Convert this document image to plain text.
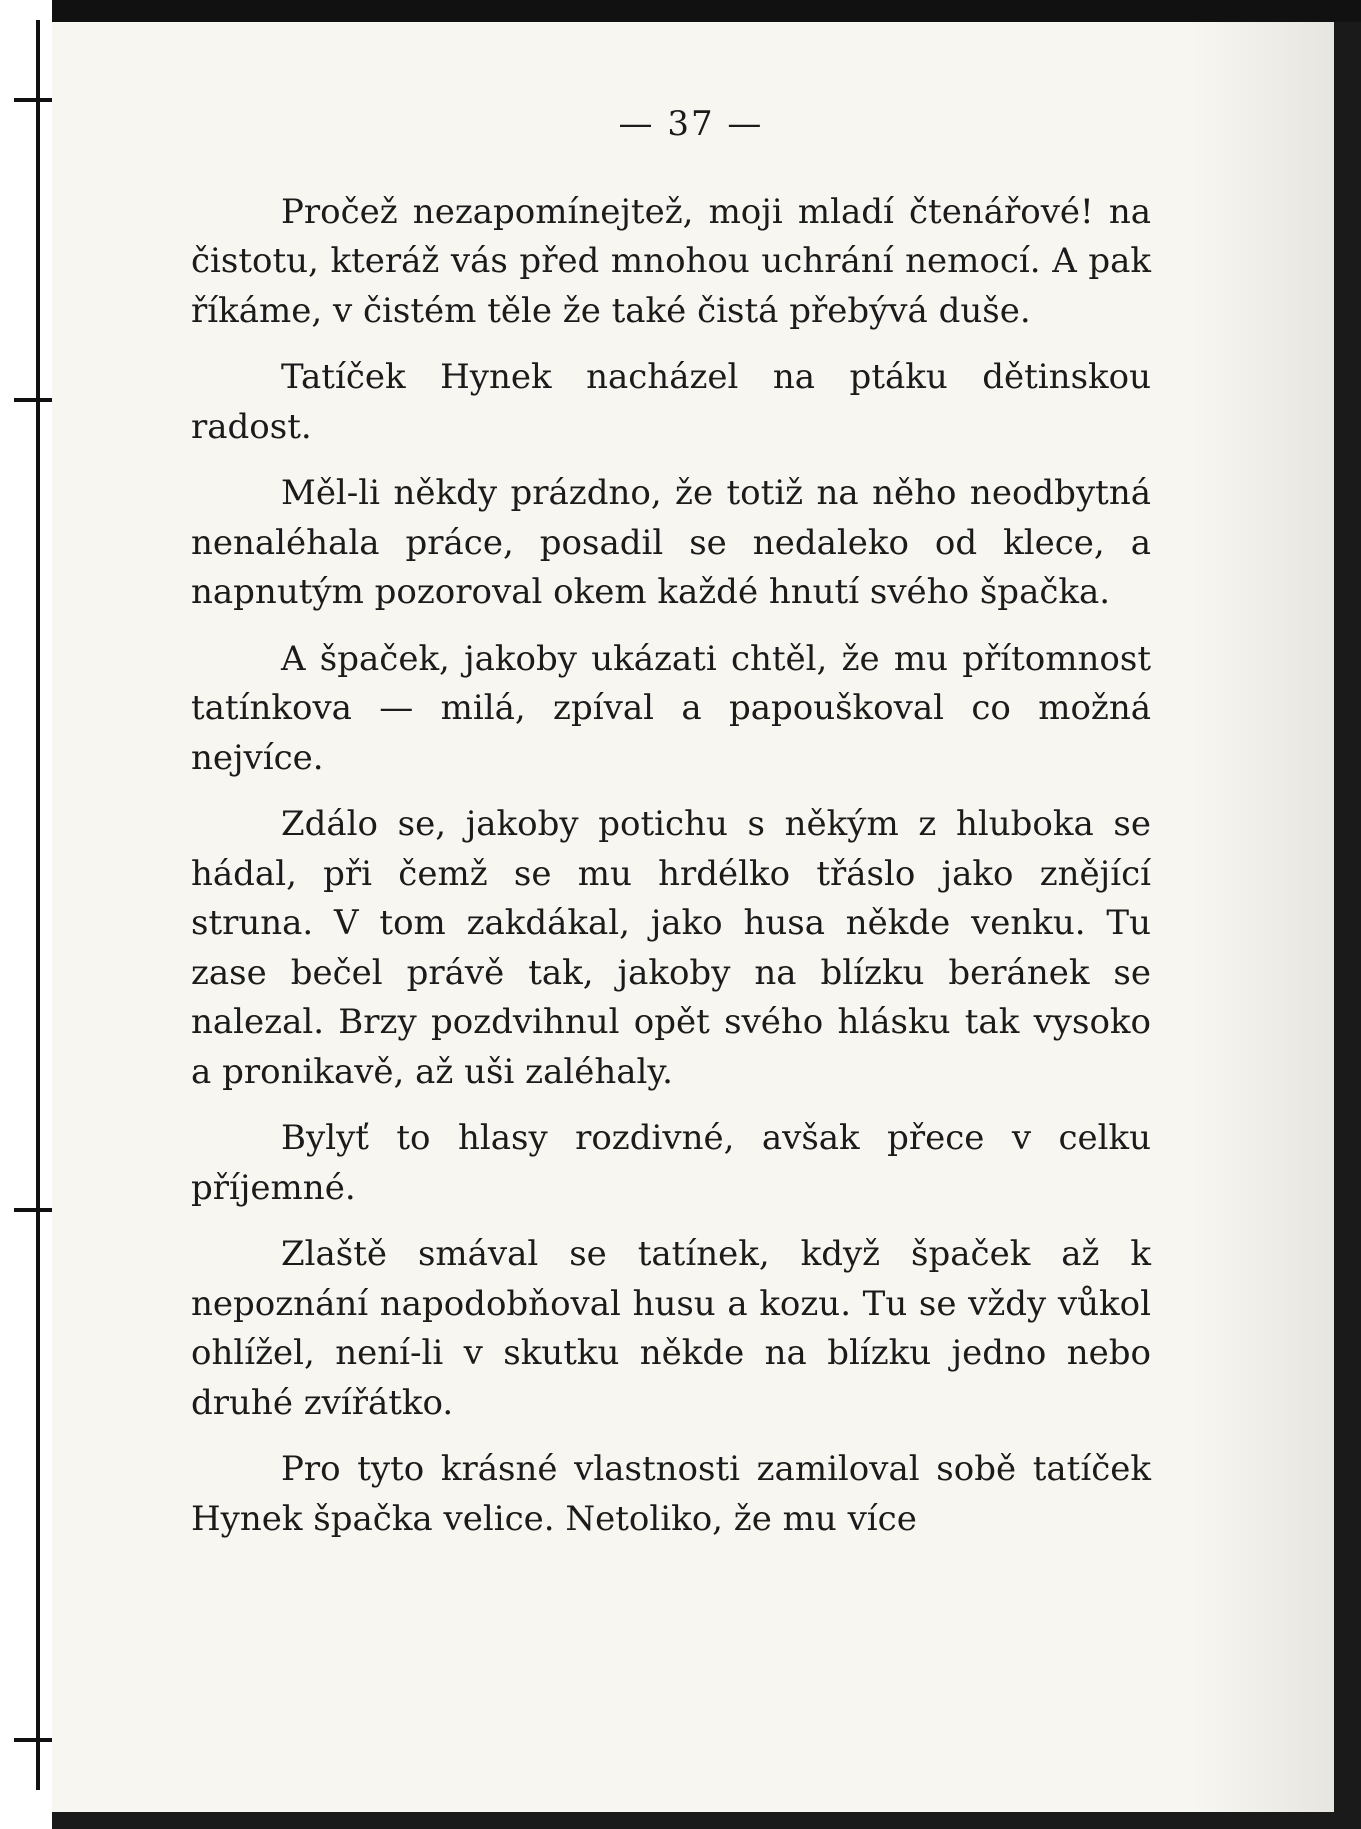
— 37 —

Pročež nezapomínejtež, moji mladí čtenářové! na čistotu, kteráž vás před mnohou uchrání nemocí. A pak říkáme, v čistém těle že také čistá přebývá duše.

Tatíček Hynek nacházel na ptáku dětinskou radost.

Měl-li někdy prázdno, že totiž na něho neodbytná nenaléhala práce, posadil se nedaleko od klece, a napnutým pozoroval okem každé hnutí svého špačka.

A špaček, jakoby ukázati chtěl, že mu přítomnost tatínkova — milá, zpíval a papouškoval co možná nejvíce.

Zdálo se, jakoby potichu s někým z hluboka se hádal, při čemž se mu hrdélko třáslo jako znějící struna. V tom zakdákal, jako husa někde venku. Tu zase bečel právě tak, jakoby na blízku beránek se nalezal. Brzy pozdvihnul opět svého hlásku tak vysoko a pronikavě, až uši zaléhaly.

Bylyť to hlasy rozdivné, avšak přece v celku příjemné.

Zlaště smával se tatínek, když špaček až k nepoznání napodobňoval husu a kozu. Tu se vždy vůkol ohlížel, není-li v skutku někde na blízku jedno nebo druhé zvířátko.

Pro tyto krásné vlastnosti zamiloval sobě tatíček Hynek špačka velice. Netoliko, že mu více
